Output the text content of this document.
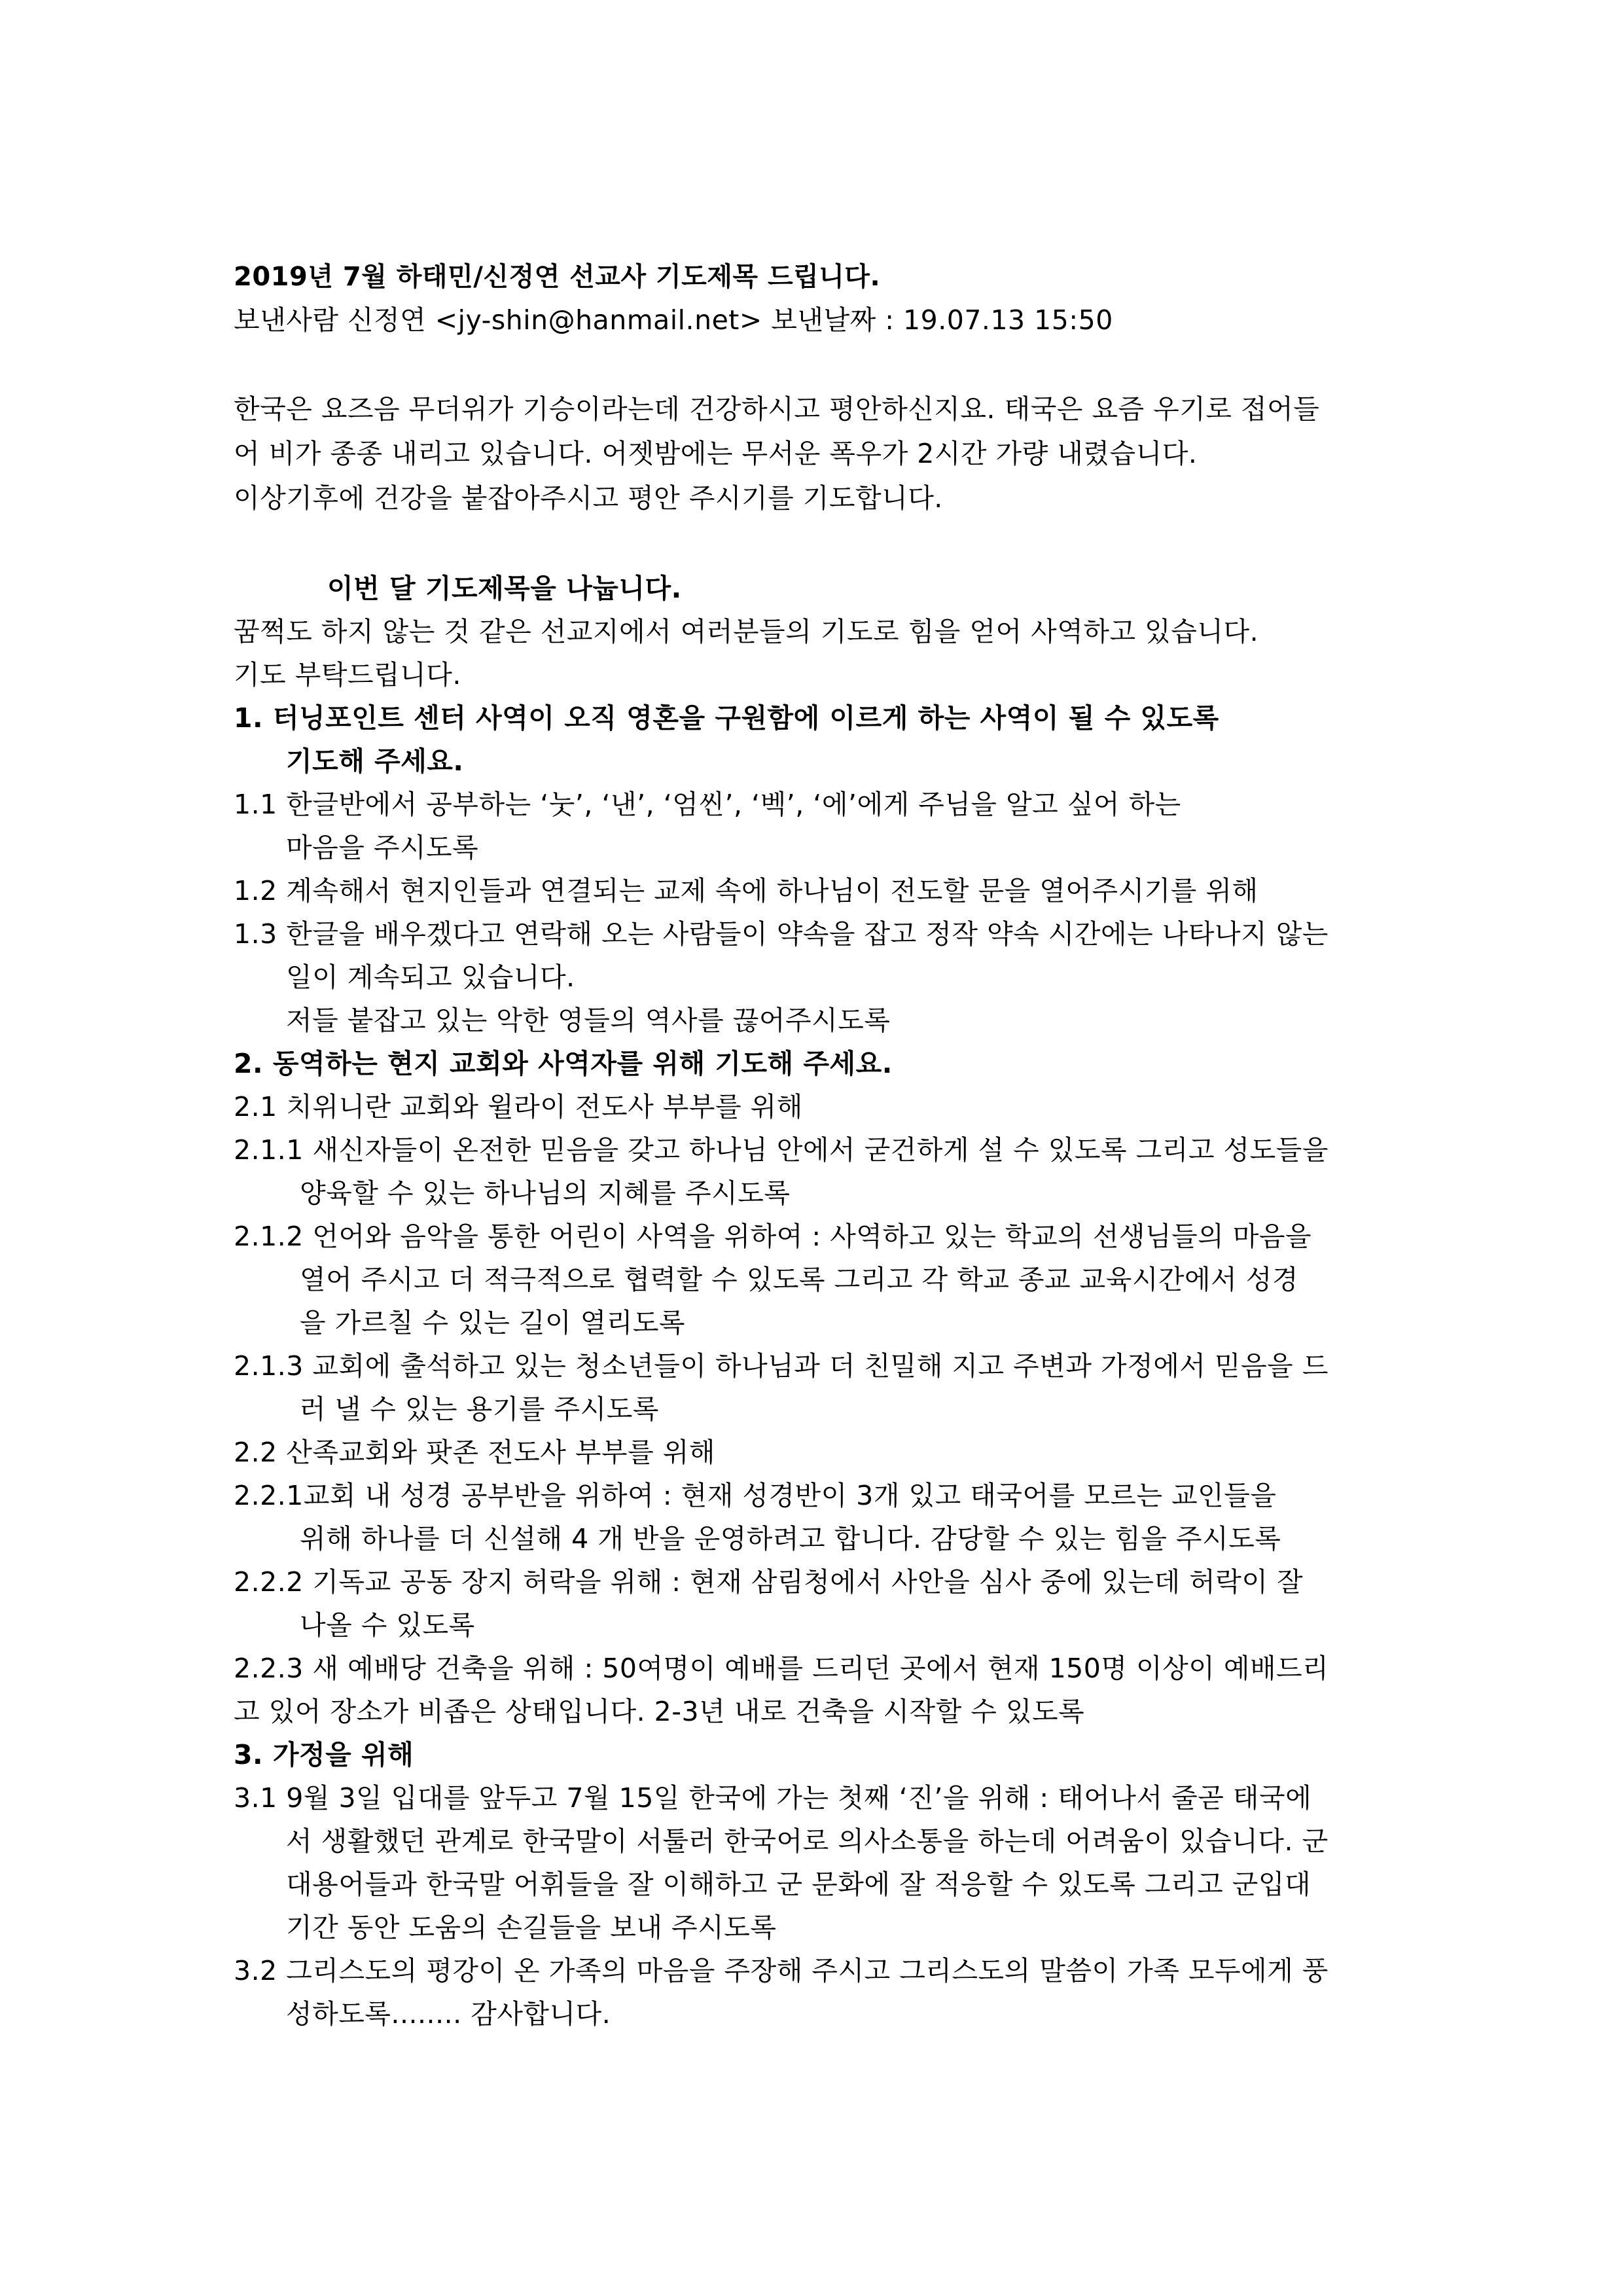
2019년 7월 하태민/신정연 선교사 기도제목 드립니다.
보낸사람 신정연 <jy-shin@hanmail.net> 보낸날짜 : 19.07.13 15:50
한국은 요즈음 무더위가 기승이라는데 건강하시고 평안하신지요. 태국은 요즘 우기로 접어들
어 비가 종종 내리고 있습니다. 어젯밤에는 무서운 폭우가 2시간 가량 내렸습니다.
이상기후에 건강을 붙잡아주시고 평안 주시기를 기도합니다.
이번 달 기도제목을 나눕니다.
꿈쩍도 하지 않는 것 같은 선교지에서 여러분들의 기도로 힘을 얻어 사역하고 있습니다.
기도 부탁드립니다.
1. 터닝포인트 센터 사역이 오직 영혼을 구원함에 이르게 하는 사역이 될 수 있도록
기도해 주세요.
1.1 한글반에서 공부하는 ‘눗’, ‘낸’, ‘엄씬’, ‘벡’, ‘에’에게 주님을 알고 싶어 하는
마음을 주시도록
1.2 계속해서 현지인들과 연결되는 교제 속에 하나님이 전도할 문을 열어주시기를 위해
1.3 한글을 배우겠다고 연락해 오는 사람들이 약속을 잡고 정작 약속 시간에는 나타나지 않는
일이 계속되고 있습니다.
저들 붙잡고 있는 악한 영들의 역사를 끊어주시도록
2. 동역하는 현지 교회와 사역자를 위해 기도해 주세요.
2.1 치위니란 교회와 윌라이 전도사 부부를 위해
2.1.1 새신자들이 온전한 믿음을 갖고 하나님 안에서 굳건하게 설 수 있도록 그리고 성도들을
양육할 수 있는 하나님의 지혜를 주시도록
2.1.2 언어와 음악을 통한 어린이 사역을 위하여 : 사역하고 있는 학교의 선생님들의 마음을
열어 주시고 더 적극적으로 협력할 수 있도록 그리고 각 학교 종교 교육시간에서 성경
을 가르칠 수 있는 길이 열리도록
2.1.3 교회에 출석하고 있는 청소년들이 하나님과 더 친밀해 지고 주변과 가정에서 믿음을 드
러 낼 수 있는 용기를 주시도록
2.2 산족교회와 팟존 전도사 부부를 위해
2.2.1교회 내 성경 공부반을 위하여 : 현재 성경반이 3개 있고 태국어를 모르는 교인들을
위해 하나를 더 신설해 4 개 반을 운영하려고 합니다. 감당할 수 있는 힘을 주시도록
2.2.2 기독교 공동 장지 허락을 위해 : 현재 삼림청에서 사안을 심사 중에 있는데 허락이 잘
나올 수 있도록
2.2.3 새 예배당 건축을 위해 : 50여명이 예배를 드리던 곳에서 현재 150명 이상이 예배드리
고 있어 장소가 비좁은 상태입니다. 2-3년 내로 건축을 시작할 수 있도록
3. 가정을 위해
3.1 9월 3일 입대를 앞두고 7월 15일 한국에 가는 첫째 ‘진’을 위해 : 태어나서 줄곧 태국에
서 생활했던 관계로 한국말이 서툴러 한국어로 의사소통을 하는데 어려움이 있습니다. 군
대용어들과 한국말 어휘들을 잘 이해하고 군 문화에 잘 적응할 수 있도록 그리고 군입대
기간 동안 도움의 손길들을 보내 주시도록
3.2 그리스도의 평강이 온 가족의 마음을 주장해 주시고 그리스도의 말씀이 가족 모두에게 풍
성하도록........ 감사합니다.
